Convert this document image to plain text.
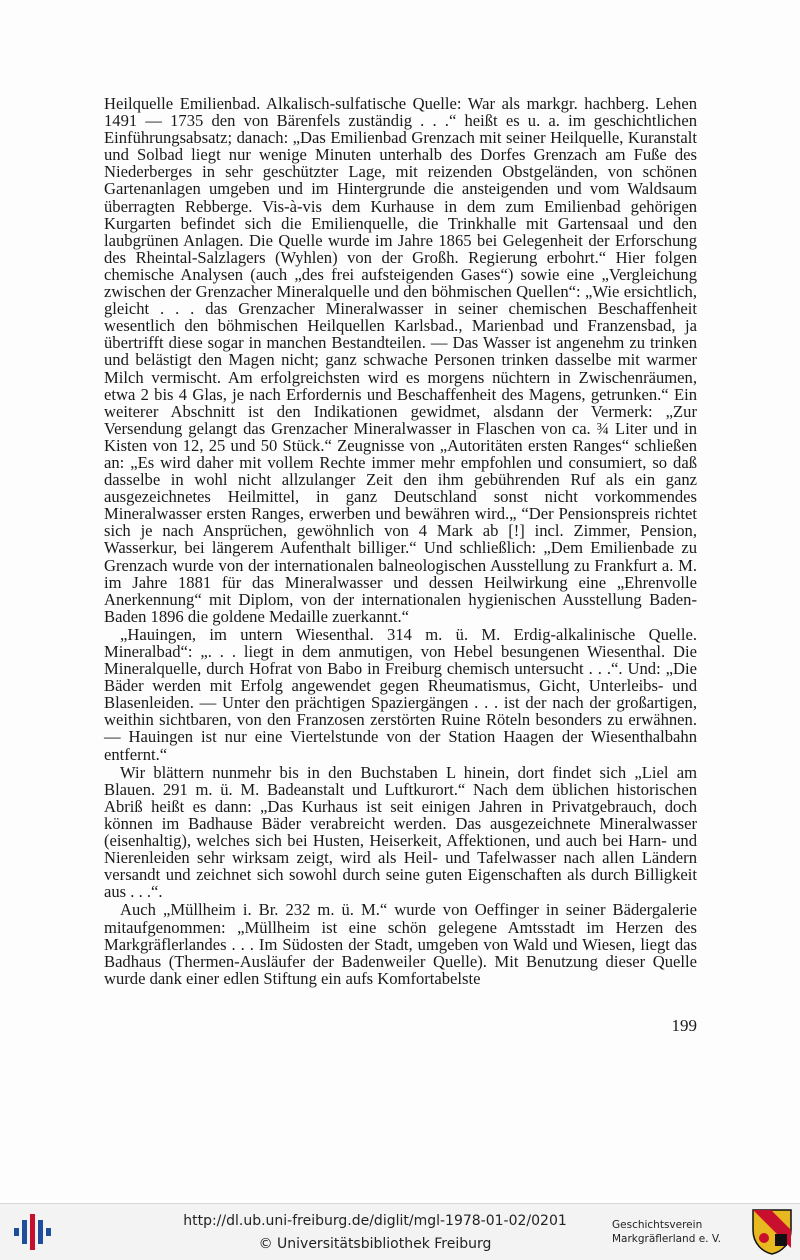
Heilquelle Emilienbad. Alkalisch-sulfatische Quelle: War als markgr. hachberg. Lehen 1491 — 1735 den von Bärenfels zuständig . . .“ heißt es u. a. im geschichtlichen Einführungsabsatz; danach: „Das Emilienbad Grenzach mit seiner Heilquelle, Kuranstalt und Solbad liegt nur wenige Minuten unterhalb des Dorfes Grenzach am Fuße des Niederberges in sehr geschützter Lage, mit reizenden Obstgeländen, von schönen Gartenanlagen umgeben und im Hintergrunde die ansteigenden und vom Waldsaum überragten Rebberge. Vis-à-vis dem Kurhause in dem zum Emilienbad gehörigen Kurgarten befindet sich die Emilienquelle, die Trinkhalle mit Gartensaal und den laubgrünen Anlagen. Die Quelle wurde im Jahre 1865 bei Gelegenheit der Erforschung des Rheintal-Salzlagers (Wyhlen) von der Großh. Regierung erbohrt.“ Hier folgen chemische Analysen (auch „des frei aufsteigenden Gases“) sowie eine „Vergleichung zwischen der Grenzacher Mineralquelle und den böhmischen Quellen“: „Wie ersichtlich, gleicht . . . das Grenzacher Mineralwasser in seiner chemischen Beschaffenheit wesentlich den böhmischen Heilquellen Karlsbad., Marienbad und Franzensbad, ja übertrifft diese sogar in manchen Bestandteilen. — Das Wasser ist angenehm zu trinken und belästigt den Magen nicht; ganz schwache Personen trinken dasselbe mit warmer Milch vermischt. Am erfolgreichsten wird es morgens nüchtern in Zwischenräumen, etwa 2 bis 4 Glas, je nach Erfordernis und Beschaffenheit des Magens, getrunken.“ Ein weiterer Abschnitt ist den Indikationen gewidmet, alsdann der Vermerk: „Zur Versendung gelangt das Grenzacher Mineralwasser in Flaschen von ca. ¾ Liter und in Kisten von 12, 25 und 50 Stück.“ Zeugnisse von „Autoritäten ersten Ranges“ schließen an: „Es wird daher mit vollem Rechte immer mehr empfohlen und consumiert, so daß dasselbe in wohl nicht allzulanger Zeit den ihm gebührenden Ruf als ein ganz ausgezeichnetes Heilmittel, in ganz Deutschland sonst nicht vorkommendes Mineralwasser ersten Ranges, erwerben und bewähren wird.„ “Der Pensionspreis richtet sich je nach Ansprüchen, gewöhnlich von 4 Mark ab [!] incl. Zimmer, Pension, Wasserkur, bei längerem Aufenthalt billiger.“ Und schließlich: „Dem Emilienbade zu Grenzach wurde von der internationalen balneologischen Ausstellung zu Frankfurt a. M. im Jahre 1881 für das Mineralwasser und dessen Heilwirkung eine „Ehrenvolle Anerkennung“ mit Diplom, von der internationalen hygienischen Ausstellung Baden-Baden 1896 die goldene Medaille zuerkannt.“

„Hauingen, im untern Wiesenthal. 314 m. ü. M. Erdig-alkalinische Quelle. Mineralbad“: „. . . liegt in dem anmutigen, von Hebel besungenen Wiesenthal. Die Mineralquelle, durch Hofrat von Babo in Freiburg chemisch untersucht . . .“. Und: „Die Bäder werden mit Erfolg angewendet gegen Rheumatismus, Gicht, Unterleibs- und Blasenleiden. — Unter den prächtigen Spaziergängen . . . ist der nach der großartigen, weithin sichtbaren, von den Franzosen zerstörten Ruine Röteln besonders zu erwähnen. — Hauingen ist nur eine Viertelstunde von der Station Haagen der Wiesenthalbahn entfernt.“

Wir blättern nunmehr bis in den Buchstaben L hinein, dort findet sich „Liel am Blauen. 291 m. ü. M. Badeanstalt und Luftkurort.“ Nach dem üblichen historischen Abriß heißt es dann: „Das Kurhaus ist seit einigen Jahren in Privatgebrauch, doch können im Badhause Bäder verabreicht werden. Das ausgezeichnete Mineralwasser (eisenhaltig), welches sich bei Husten, Heiserkeit, Affektionen, und auch bei Harn- und Nierenleiden sehr wirksam zeigt, wird als Heil- und Tafelwasser nach allen Ländern versandt und zeichnet sich sowohl durch seine guten Eigenschaften als durch Billigkeit aus . . .“.

Auch „Müllheim i. Br. 232 m. ü. M.“ wurde von Oeffinger in seiner Bädergalerie mitaufgenommen: „Müllheim ist eine schön gelegene Amtsstadt im Herzen des Markgräflerlandes . . . Im Südosten der Stadt, umgeben von Wald und Wiesen, liegt das Badhaus (Thermen-Ausläufer der Badenweiler Quelle). Mit Benutzung dieser Quelle wurde dank einer edlen Stiftung ein aufs Komfortabelste

199
http://dl.ub.uni-freiburg.de/diglit/mgl-1978-01-02/0201
© Universitätsbibliothek Freiburg
Geschichtsverein
Markgräflerland e. V.
